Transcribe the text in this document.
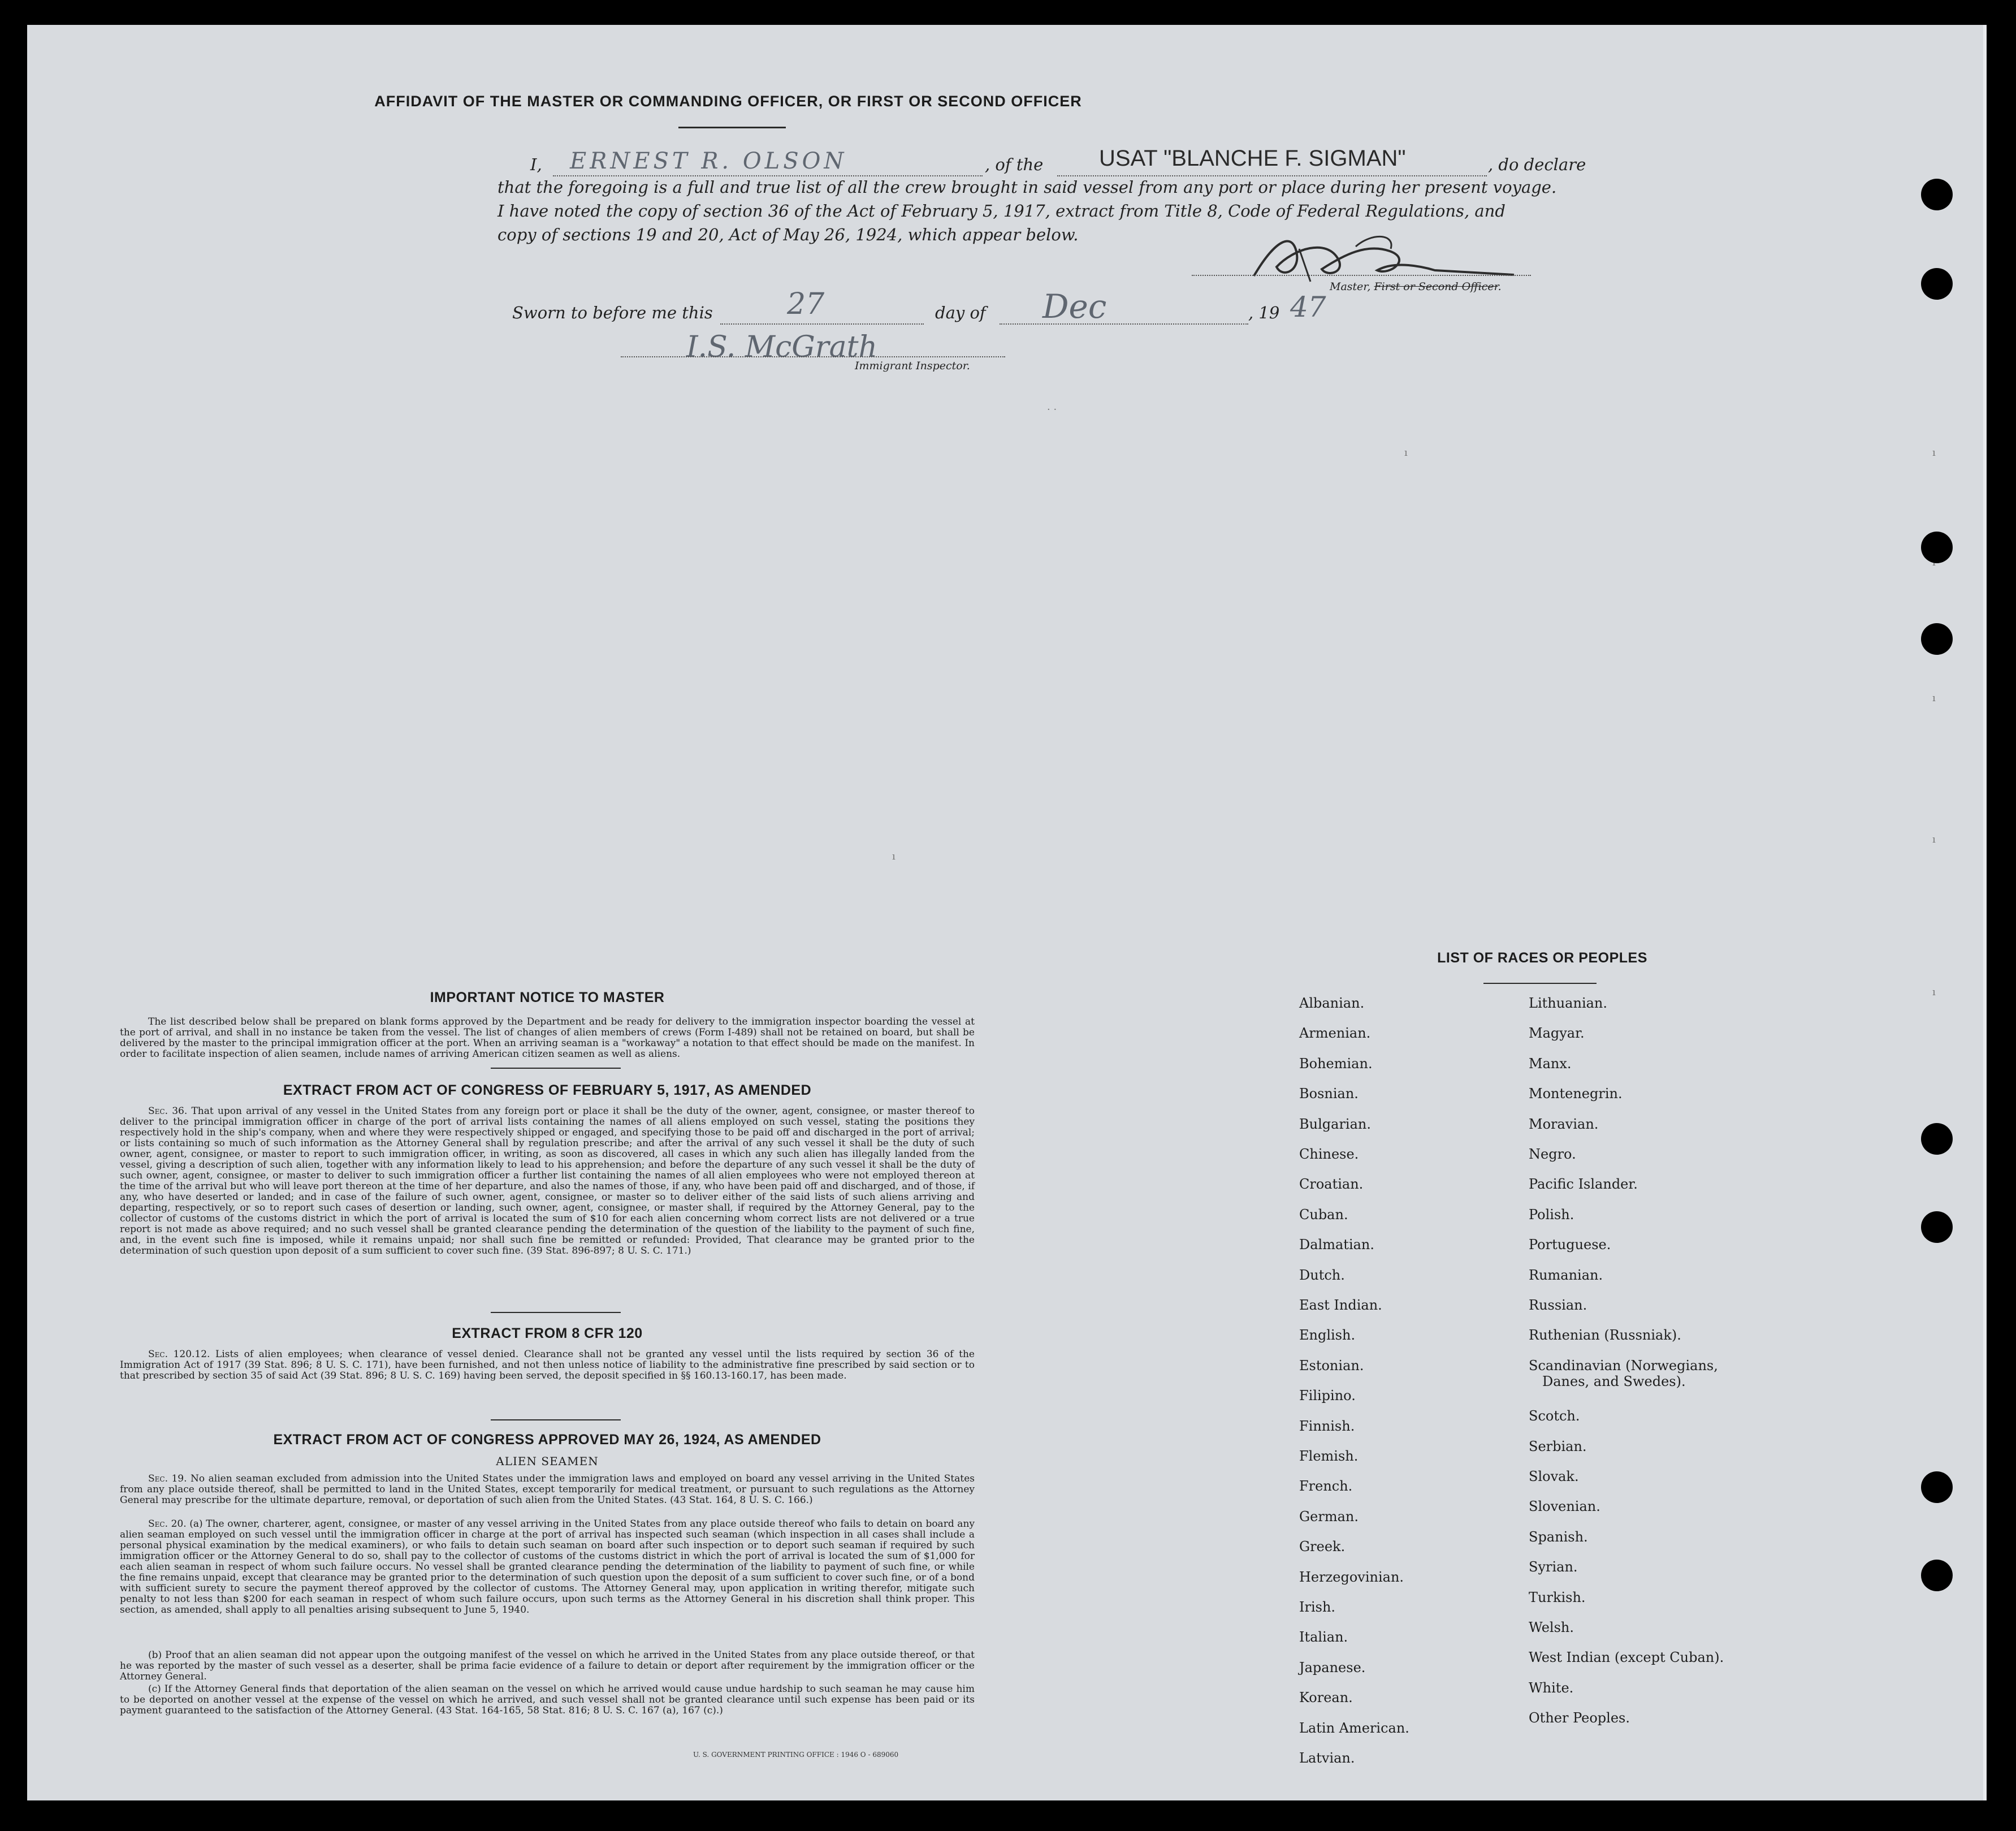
AFFIDAVIT OF THE MASTER OR COMMANDING OFFICER, OR FIRST OR SECOND OFFICER
I, ERNEST R. OLSON	, of the USAT "BLANCHE F. SIGMAN"	, do declare
that the foregoing is a full and true list of all the crew brought in said vessel from any port or place during her present voyage.
I have noted the copy of section 36 of the Act of February 5, 1917, extract from Title 8, Code of Federal Regulations, and
copy of sections 19 and 20, Act of May 26, 1924, which appear below.
Master, First or Second Officer.
Sworn to before me this	27	day of Dec	, 19 47
I.S. McGrath
Immigrant Inspector.
· ·
ı	ı
ı
ı
ı
ı
IMPORTANT NOTICE TO MASTER
The list described below shall be prepared on blank forms approved by the Department and be ready for delivery to the immigration inspector boarding the vessel at the port of arrival, and shall in no instance be taken from the vessel. The list of changes of alien members of crews (Form I-489) shall not be retained on board, but shall be delivered by the master to the principal immigration officer at the port. When an arriving seaman is a "workaway" a notation to that effect should be made on the manifest. In order to facilitate inspection of alien seamen, include names of arriving American citizen seamen as well as aliens.
EXTRACT FROM ACT OF CONGRESS OF FEBRUARY 5, 1917, AS AMENDED
Sec. 36. That upon arrival of any vessel in the United States from any foreign port or place it shall be the duty of the owner, agent, consignee, or master thereof to deliver to the principal immigration officer in charge of the port of arrival lists containing the names of all aliens employed on such vessel, stating the positions they respectively hold in the ship's company, when and where they were respectively shipped or engaged, and specifying those to be paid off and discharged in the port of arrival; or lists containing so much of such information as the Attorney General shall by regulation prescribe; and after the arrival of any such vessel it shall be the duty of such owner, agent, consignee, or master to report to such immigration officer, in writing, as soon as discovered, all cases in which any such alien has illegally landed from the vessel, giving a description of such alien, together with any information likely to lead to his apprehension; and before the departure of any such vessel it shall be the duty of such owner, agent, consignee, or master to deliver to such immigration officer a further list containing the names of all alien employees who were not employed thereon at the time of the arrival but who will leave port thereon at the time of her departure, and also the names of those, if any, who have been paid off and discharged, and of those, if any, who have deserted or landed; and in case of the failure of such owner, agent, consignee, or master so to deliver either of the said lists of such aliens arriving and departing, respectively, or so to report such cases of desertion or landing, such owner, agent, consignee, or master shall, if required by the Attorney General, pay to the collector of customs of the customs district in which the port of arrival is located the sum of $10 for each alien concerning whom correct lists are not delivered or a true report is not made as above required; and no such vessel shall be granted clearance pending the determination of the question of the liability to the payment of such fine, and, in the event such fine is imposed, while it remains unpaid; nor shall such fine be remitted or refunded: Provided, That clearance may be granted prior to the determination of such question upon deposit of a sum sufficient to cover such fine. (39 Stat. 896-897; 8 U. S. C. 171.)
EXTRACT FROM 8 CFR 120
Sec. 120.12. Lists of alien employees; when clearance of vessel denied. Clearance shall not be granted any vessel until the lists required by section 36 of the Immigration Act of 1917 (39 Stat. 896; 8 U. S. C. 171), have been furnished, and not then unless notice of liability to the administrative fine prescribed by said section or to that prescribed by section 35 of said Act (39 Stat. 896; 8 U. S. C. 169) having been served, the deposit specified in §§ 160.13-160.17, has been made.
EXTRACT FROM ACT OF CONGRESS APPROVED MAY 26, 1924, AS AMENDED
ALIEN SEAMEN
Sec. 19. No alien seaman excluded from admission into the United States under the immigration laws and employed on board any vessel arriving in the United States from any place outside thereof, shall be permitted to land in the United States, except temporarily for medical treatment, or pursuant to such regulations as the Attorney General may prescribe for the ultimate departure, removal, or deportation of such alien from the United States. (43 Stat. 164, 8 U. S. C. 166.)
Sec. 20. (a) The owner, charterer, agent, consignee, or master of any vessel arriving in the United States from any place outside thereof who fails to detain on board any alien seaman employed on such vessel until the immigration officer in charge at the port of arrival has inspected such seaman (which inspection in all cases shall include a personal physical examination by the medical examiners), or who fails to detain such seaman on board after such inspection or to deport such seaman if required by such immigration officer or the Attorney General to do so, shall pay to the collector of customs of the customs district in which the port of arrival is located the sum of $1,000 for each alien seaman in respect of whom such failure occurs. No vessel shall be granted clearance pending the determination of the liability to payment of such fine, or while the fine remains unpaid, except that clearance may be granted prior to the determination of such question upon the deposit of a sum sufficient to cover such fine, or of a bond with sufficient surety to secure the payment thereof approved by the collector of customs. The Attorney General may, upon application in writing therefor, mitigate such penalty to not less than $200 for each seaman in respect of whom such failure occurs, upon such terms as the Attorney General in his discretion shall think proper. This section, as amended, shall apply to all penalties arising subsequent to June 5, 1940.
(b) Proof that an alien seaman did not appear upon the outgoing manifest of the vessel on which he arrived in the United States from any place outside thereof, or that he was reported by the master of such vessel as a deserter, shall be prima facie evidence of a failure to detain or deport after requirement by the immigration officer or the Attorney General.
(c) If the Attorney General finds that deportation of the alien seaman on the vessel on which he arrived would cause undue hardship to such seaman he may cause him to be deported on another vessel at the expense of the vessel on which he arrived, and such vessel shall not be granted clearance until such expense has been paid or its payment guaranteed to the satisfaction of the Attorney General. (43 Stat. 164-165, 58 Stat. 816; 8 U. S. C. 167 (a), 167 (c).)
U. S. GOVERNMENT PRINTING OFFICE : 1946 O - 689060
LIST OF RACES OR PEOPLES
Albanian.
Armenian.
Bohemian.
Bosnian.
Bulgarian.
Chinese.
Croatian.
Cuban.
Dalmatian.
Dutch.
East Indian.
English.
Estonian.
Filipino.
Finnish.
Flemish.
French.
German.
Greek.
Herzegovinian.
Irish.
Italian.
Japanese.
Korean.
Latin American.
Latvian.
Lithuanian.
Magyar.
Manx.
Montenegrin.
Moravian.
Negro.
Pacific Islander.
Polish.
Portuguese.
Rumanian.
Russian.
Ruthenian (Russniak).
Scandinavian (Norwegians,
Danes, and Swedes).
Scotch.
Serbian.
Slovak.
Slovenian.
Spanish.
Syrian.
Turkish.
Welsh.
West Indian (except Cuban).
White.
Other Peoples.
